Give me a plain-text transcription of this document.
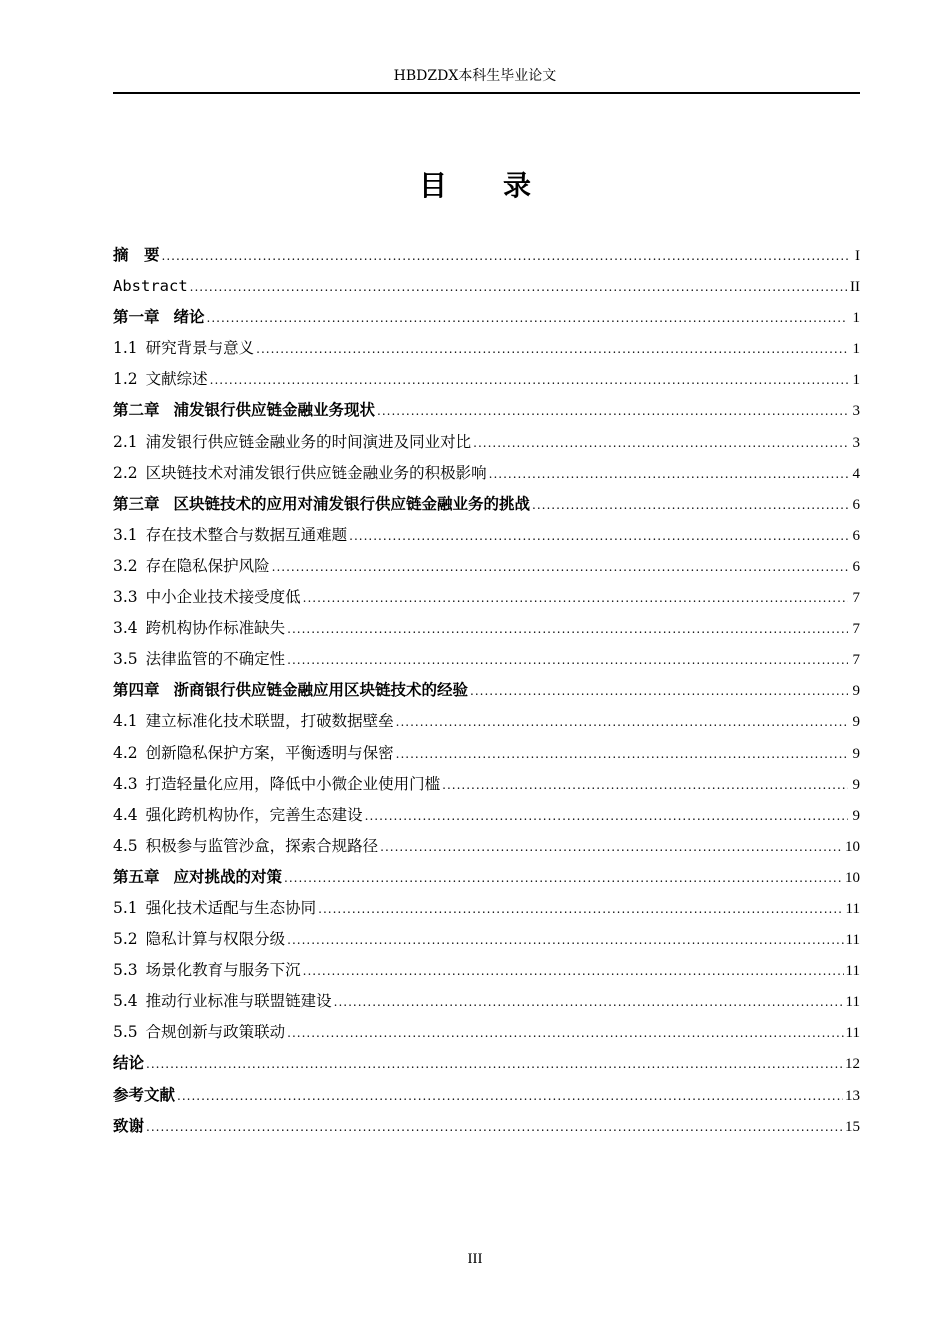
HBDZDX本科生毕业论文
目录
摘　要 .....	I
Abstract .....	II
第一章 绪论 .....	1
1.1 研究背景与意义 .....	1
1.2 文献综述 .....	1
第二章 浦发银行供应链金融业务现状 .....	3
2.1 浦发银行供应链金融业务的时间演进及同业对比 .....	3
2.2 区块链技术对浦发银行供应链金融业务的积极影响 .....	4
第三章 区块链技术的应用对浦发银行供应链金融业务的挑战 .....	6
3.1 存在技术整合与数据互通难题 .....	6
3.2 存在隐私保护风险 .....	6
3.3 中小企业技术接受度低 .....	7
3.4 跨机构协作标准缺失 .....	7
3.5 法律监管的不确定性 .....	7
第四章 浙商银行供应链金融应用区块链技术的经验 .....	9
4.1 建立标准化技术联盟，打破数据壁垒 .....	9
4.2 创新隐私保护方案，平衡透明与保密 .....	9
4.3 打造轻量化应用，降低中小微企业使用门槛 .....	9
4.4 强化跨机构协作，完善生态建设 .....	9
4.5 积极参与监管沙盒，探索合规路径 .....	10
第五章 应对挑战的对策 .....	10
5.1 强化技术适配与生态协同 .....	11
5.2 隐私计算与权限分级 .....	11
5.3 场景化教育与服务下沉 .....	11
5.4 推动行业标准与联盟链建设 .....	11
5.5 合规创新与政策联动 .....	11
结论 .....	12
参考文献 .....	13
致谢 .....	15
III
